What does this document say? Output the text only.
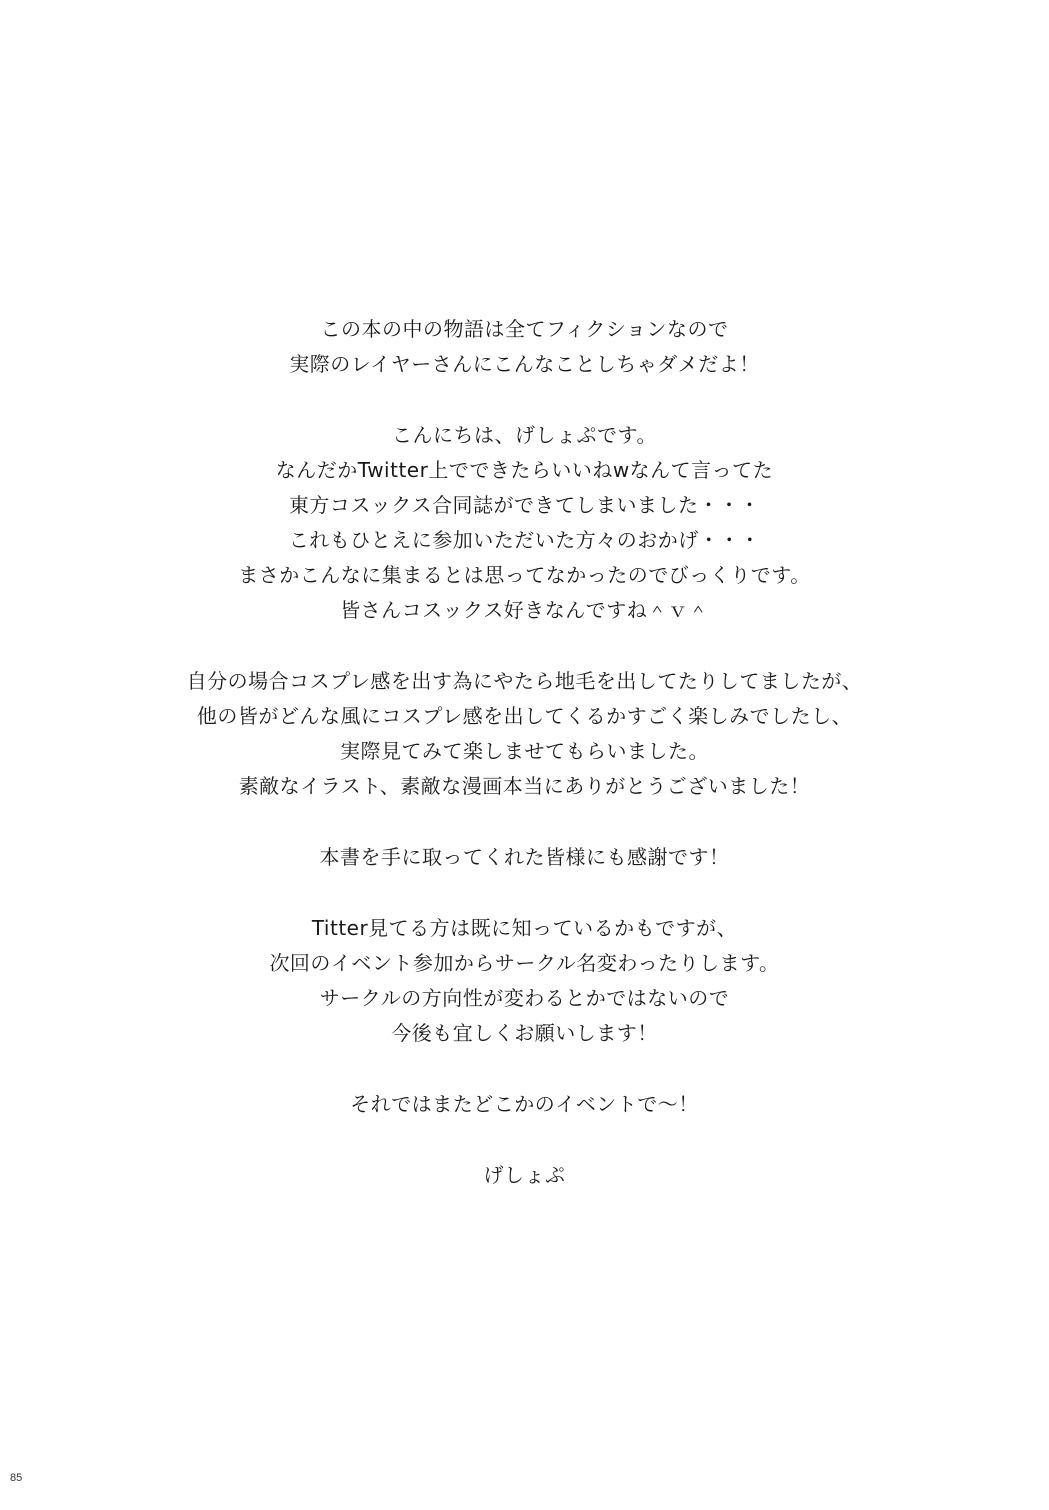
この本の中の物語は全てフィクションなので
実際のレイヤーさんにこんなことしちゃダメだよ！
こんにちは、げしょぷです。
なんだかTwitter上でできたらいいねwなんて言ってた
東方コスックス合同誌ができてしまいました・・・
これもひとえに参加いただいた方々のおかげ・・・
まさかこんなに集まるとは思ってなかったのでびっくりです。
皆さんコスックス好きなんですね＾ｖ＾
自分の場合コスプレ感を出す為にやたら地毛を出してたりしてましたが、
他の皆がどんな風にコスプレ感を出してくるかすごく楽しみでしたし、
実際見てみて楽しませてもらいました。
素敵なイラスト、素敵な漫画本当にありがとうございました！
本書を手に取ってくれた皆様にも感謝です！
Titter見てる方は既に知っているかもですが、
次回のイベント参加からサークル名変わったりします。
サークルの方向性が変わるとかではないので
今後も宜しくお願いします！
それではまたどこかのイベントで～！
げしょぷ
85
